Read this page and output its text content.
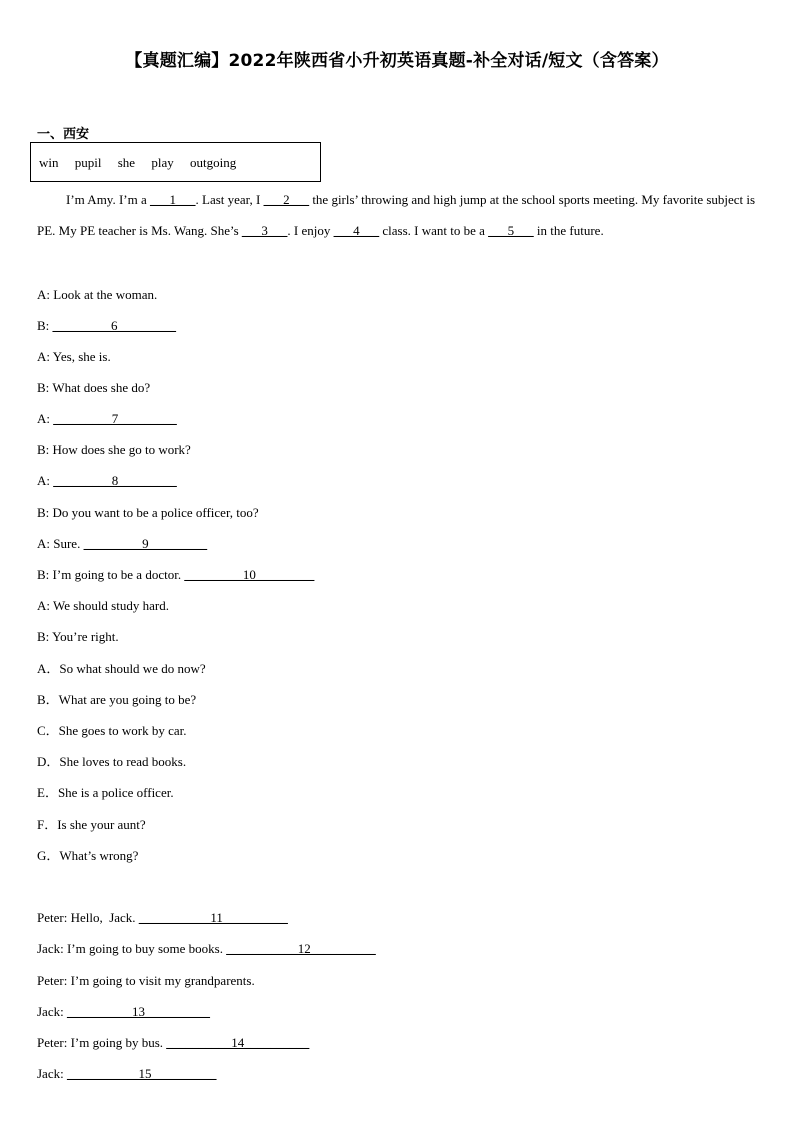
【真题汇编】2022年陕西省小升初英语真题-补全对话/短文（含答案）
一、西安
win pupil she play outgoing

I’m Amy. I’m a ___1___. Last year, I ___2___ the girls’ throwing and high jump at the school sports meeting. My favorite subject is PE. My PE teacher is Ms. Wang. She’s ___3___. I enjoy ___4___ class. I want to be a ___5___ in the future.

A: Look at the woman.
B: _________6_________
A: Yes, she is.
B: What does she do?
A: _________7_________
B: How does she go to work?
A: _________8_________
B: Do you want to be a police officer, too?
A: Sure. _________9_________
B: I’m going to be a doctor. _________10_________
A: We should study hard.
B: You’re right.
A．So what should we do now?
B．What are you going to be?
C．She goes to work by car.
D．She loves to read books.
E．She is a police officer.
F．Is she your aunt?
G．What’s wrong?
Peter: Hello,  Jack. ___________11__________
Jack: I’m going to buy some books. ___________12__________
Peter: I’m going to visit my grandparents.
Jack: __________13__________
Peter: I’m going by bus. __________14__________
Jack: ___________15__________
